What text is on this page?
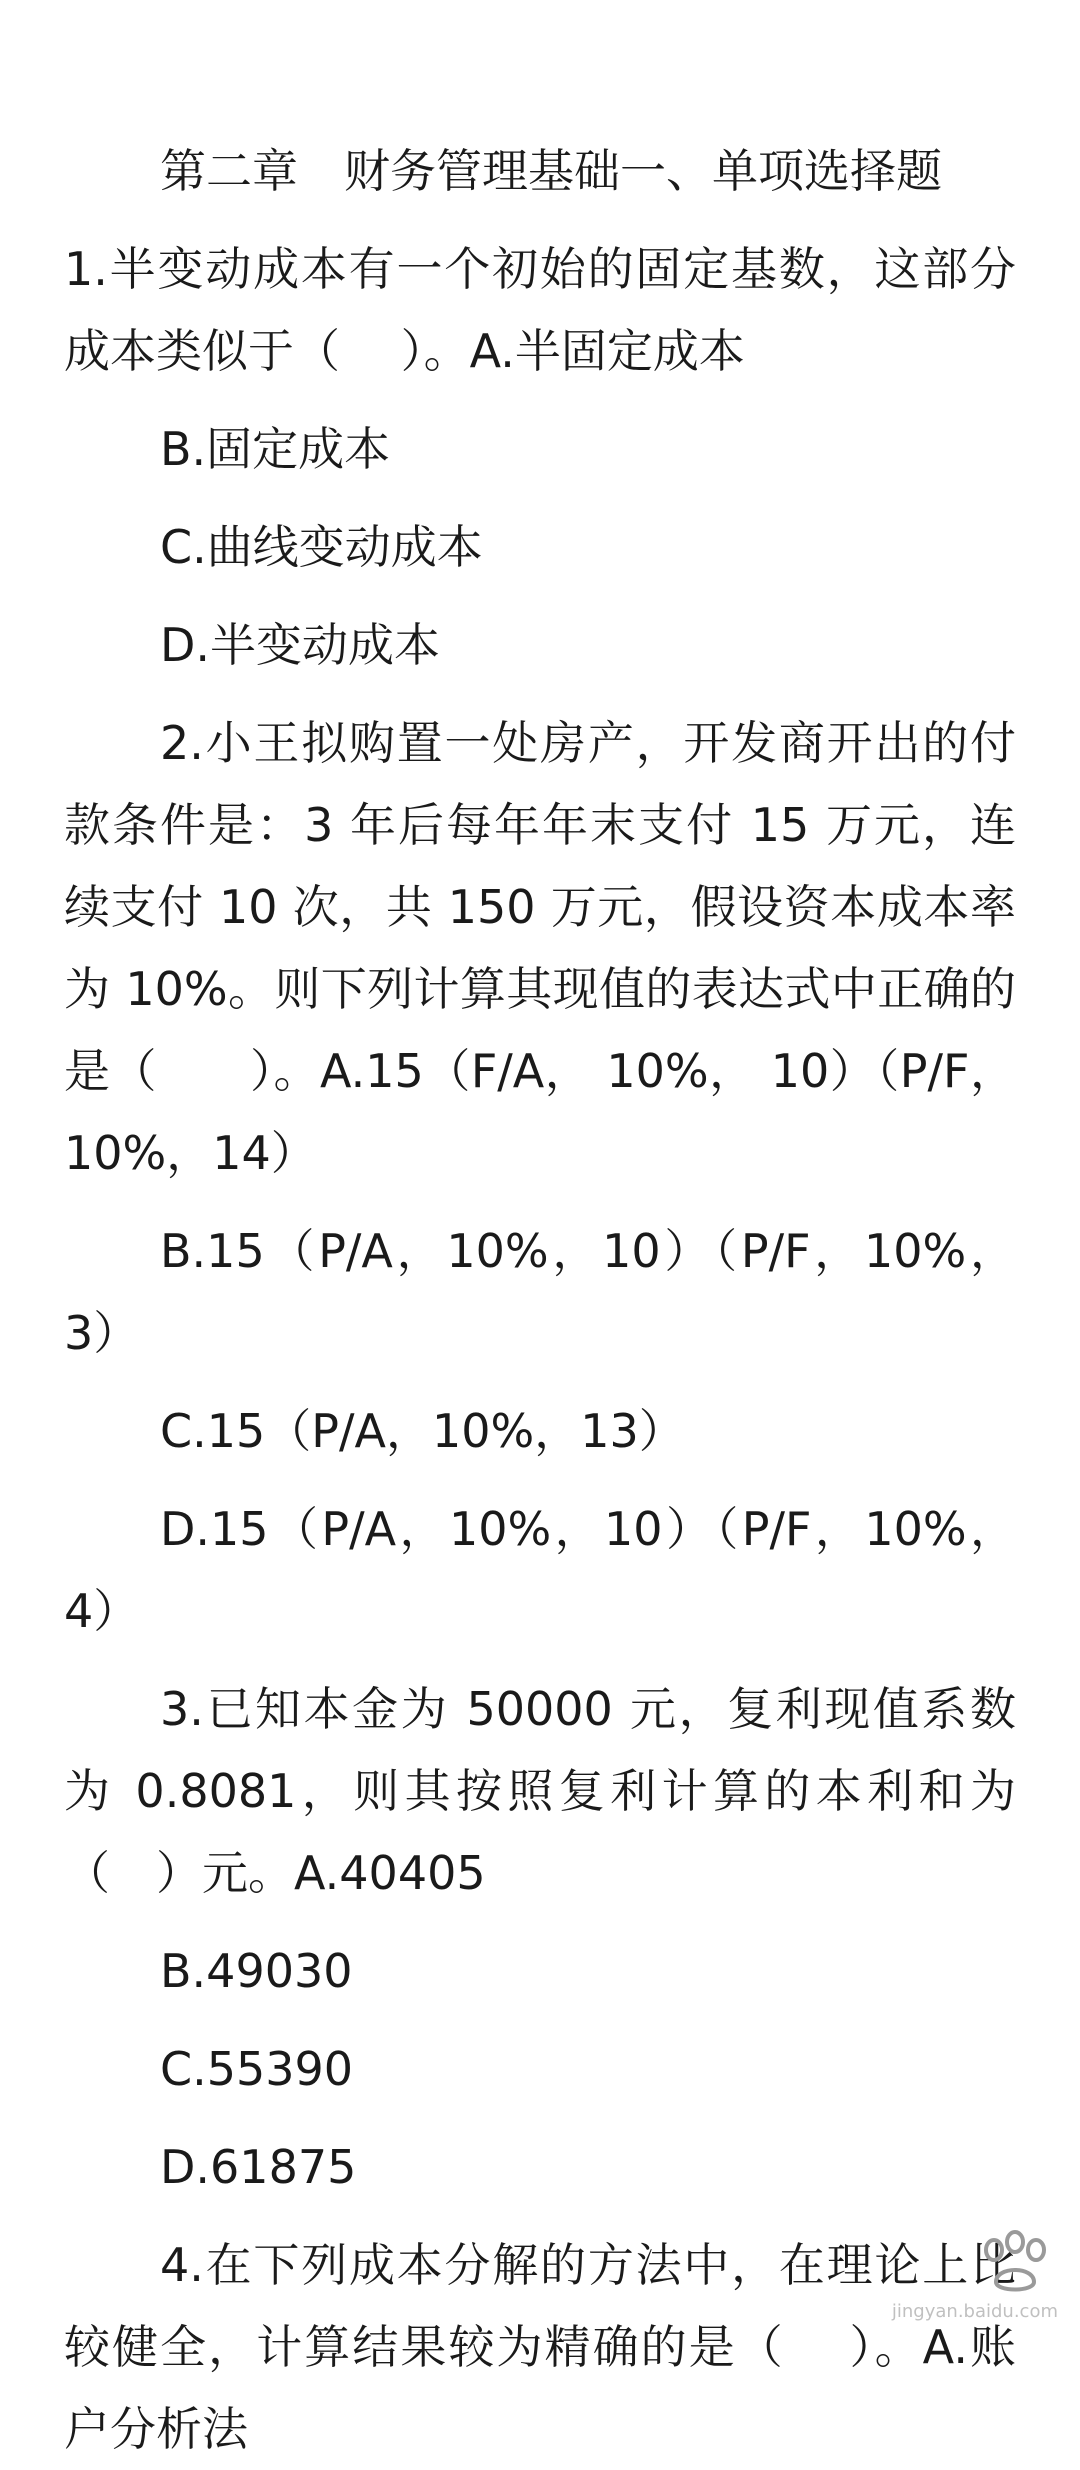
第二章　财务管理基础一、单项选择题

1.半变动成本有一个初始的固定基数，这部分成本类似于（　 ）。A.半固定成本

B.固定成本

C.曲线变动成本

D.半变动成本

2.小王拟购置一处房产，开发商开出的付款条件是：3 年后每年年末支付 15 万元，连续支付 10 次，共 150 万元，假设资本成本率为 10%。则下列计算其现值的表达式中正确的 是（　　）。A.15（F/A， 10%， 10）（P/F，10%，14）

B.15（P/A，10%，10）（P/F，10%，3）

C.15（P/A，10%，13）

D.15（P/A，10%，10）（P/F，10%，4）

3.已知本金为 50000 元，复利现值系数为 0.8081，则其按照复利计算的本利和为（　）元。A.40405

B.49030

C.55390

D.61875

4.在下列成本分解的方法中，在理论上比较健全，计算结果较为精确的是（　 ）。A.账户分析法

jingyan.baidu.com
